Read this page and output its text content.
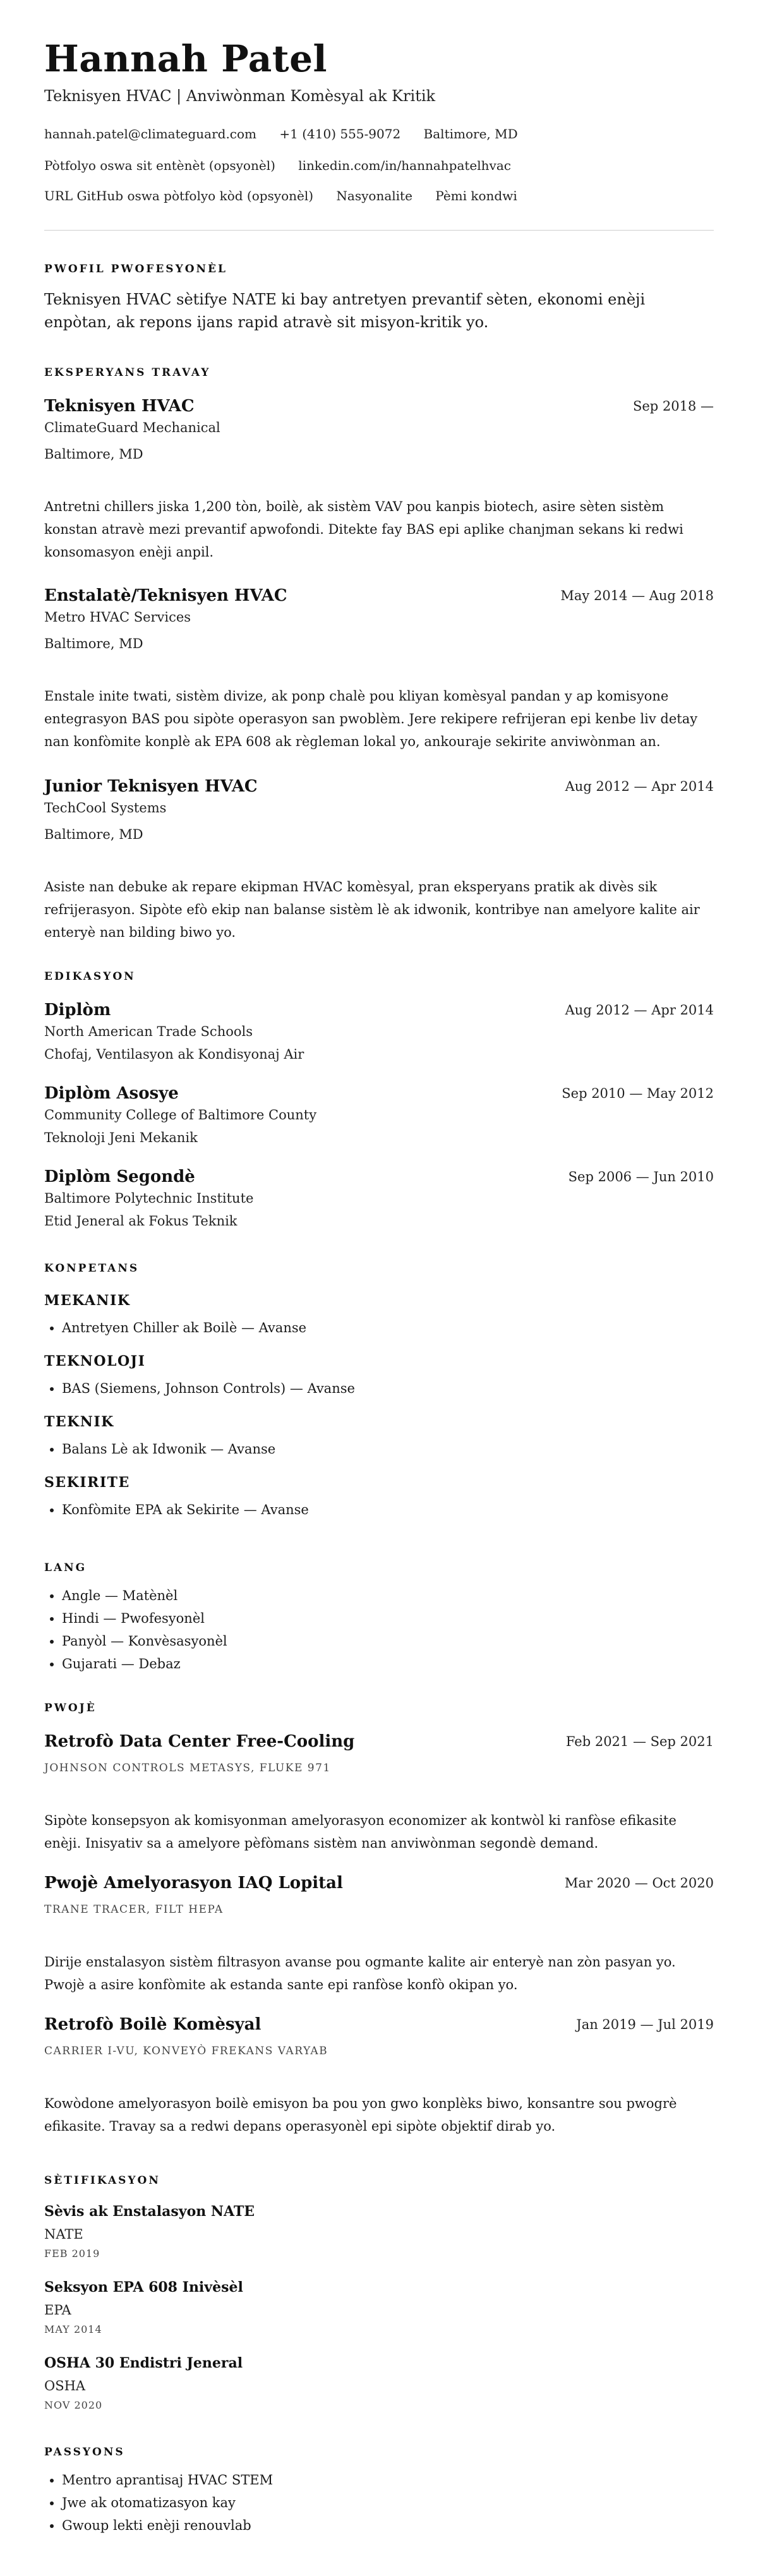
Hannah Patel
Teknisyen HVAC | Anviwònman Komèsyal ak Kritik
hannah.patel@climateguard.com +1 (410) 555-9072 Baltimore, MD
Pòtfolyo oswa sit entènèt (opsyonèl) linkedin.com/in/hannahpatelhvac
URL GitHub oswa pòtfolyo kòd (opsyonèl) Nasyonalite Pèmi kondwi
PWOFIL PWOFESYONÈL
Teknisyen HVAC sètifye NATE ki bay antretyen prevantif sèten, ekonomi enèji enpòtan, ak repons ijans rapid atravè sit misyon-kritik yo.
EKSPERYANS TRAVAY
Teknisyen HVAC	Sep 2018 —
ClimateGuard Mechanical
Baltimore, MD
Antretni chillers jiska 1,200 tòn, boilè, ak sistèm VAV pou kanpis biotech, asire sèten sistèm konstan atravè mezi prevantif apwofondi. Ditekte fay BAS epi aplike chanjman sekans ki redwi konsomasyon enèji anpil.
Enstalatè/Teknisyen HVAC	May 2014 — Aug 2018
Metro HVAC Services
Baltimore, MD
Enstale inite twati, sistèm divize, ak ponp chalè pou kliyan komèsyal pandan y ap komisyone entegrasyon BAS pou sipòte operasyon san pwoblèm. Jere rekipere refrijeran epi kenbe liv detay nan konfòmite konplè ak EPA 608 ak règleman lokal yo, ankouraje sekirite anviwònman an.
Junior Teknisyen HVAC	Aug 2012 — Apr 2014
TechCool Systems
Baltimore, MD
Asiste nan debuke ak repare ekipman HVAC komèsyal, pran eksperyans pratik ak divès sik refrijerasyon. Sipòte efò ekip nan balanse sistèm lè ak idwonik, kontribye nan amelyore kalite air enteryè nan bilding biwo yo.
EDIKASYON
Diplòm	Aug 2012 — Apr 2014
North American Trade Schools
Chofaj, Ventilasyon ak Kondisyonaj Air
Diplòm Asosye	Sep 2010 — May 2012
Community College of Baltimore County
Teknoloji Jeni Mekanik
Diplòm Segondè	Sep 2006 — Jun 2010
Baltimore Polytechnic Institute
Etid Jeneral ak Fokus Teknik
KONPETANS
MEKANIK
• Antretyen Chiller ak Boilè — Avanse
TEKNOLOJI
• BAS (Siemens, Johnson Controls) — Avanse
TEKNIK
• Balans Lè ak Idwonik — Avanse
SEKIRITE
• Konfòmite EPA ak Sekirite — Avanse
LANG
• Angle — Matènèl
• Hindi — Pwofesyonèl
• Panyòl — Konvèsasyonèl
• Gujarati — Debaz
PWOJÈ
Retrofò Data Center Free-Cooling	Feb 2021 — Sep 2021
JOHNSON CONTROLS METASYS, FLUKE 971
Sipòte konsepsyon ak komisyonman amelyorasyon economizer ak kontwòl ki ranfòse efikasite enèji. Inisyativ sa a amelyore pèfòmans sistèm nan anviwònman segondè demand.
Pwojè Amelyorasyon IAQ Lopital	Mar 2020 — Oct 2020
TRANE TRACER, FILT HEPA
Dirije enstalasyon sistèm filtrasyon avanse pou ogmante kalite air enteryè nan zòn pasyan yo. Pwojè a asire konfòmite ak estanda sante epi ranfòse konfò okipan yo.
Retrofò Boilè Komèsyal	Jan 2019 — Jul 2019
CARRIER I-VU, KONVEYÒ FREKANS VARYAB
Kowòdone amelyorasyon boilè emisyon ba pou yon gwo konplèks biwo, konsantre sou pwogrè efikasite. Travay sa a redwi depans operasyonèl epi sipòte objektif dirab yo.
SÈTIFIKASYON
Sèvis ak Enstalasyon NATE
NATE
FEB 2019
Seksyon EPA 608 Inivèsèl
EPA
MAY 2014
OSHA 30 Endistri Jeneral
OSHA
NOV 2020
PASSYONS
• Mentro aprantisaj HVAC STEM
• Jwe ak otomatizasyon kay
• Gwoup lekti enèji renouvlab
